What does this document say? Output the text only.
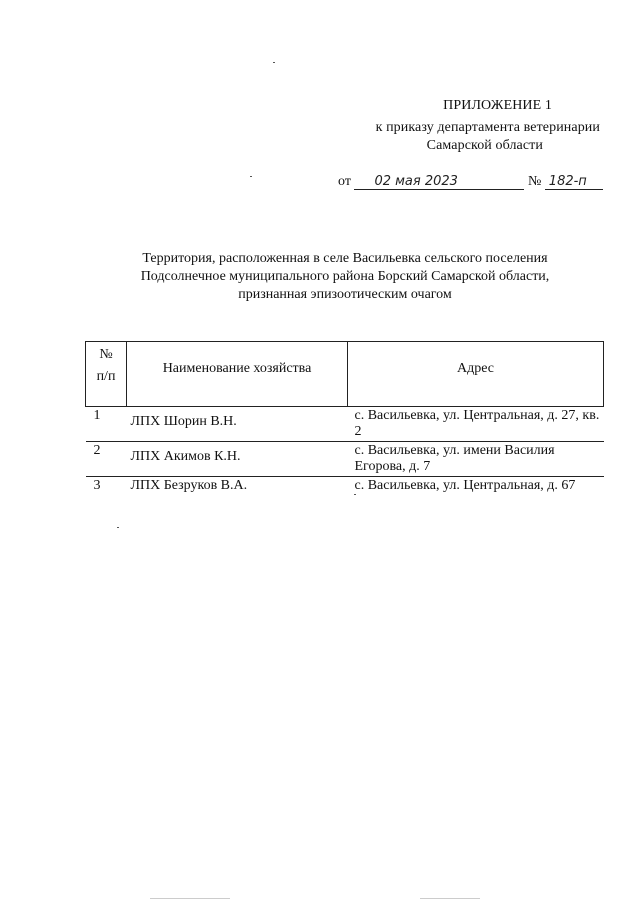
ПРИЛОЖЕНИЕ 1
к приказу департамента ветеринарии
Самарской области
от 02 мая 2023	№ 182-п
Территория, расположенная в селе Васильевка сельского поселения
Подсолнечное муниципального района Борский Самарской области,
признанная эпизоотическим очагом
№
п/п	Наименование хозяйства	Адрес
1	ЛПХ Шорин В.Н.	с. Васильевка, ул. Центральная, д. 27, кв. 2
2	ЛПХ Акимов К.Н.	с. Васильевка, ул. имени Василия Егорова, д. 7
3	ЛПХ Безруков В.А.	с. Васильевка, ул. Центральная, д. 67
